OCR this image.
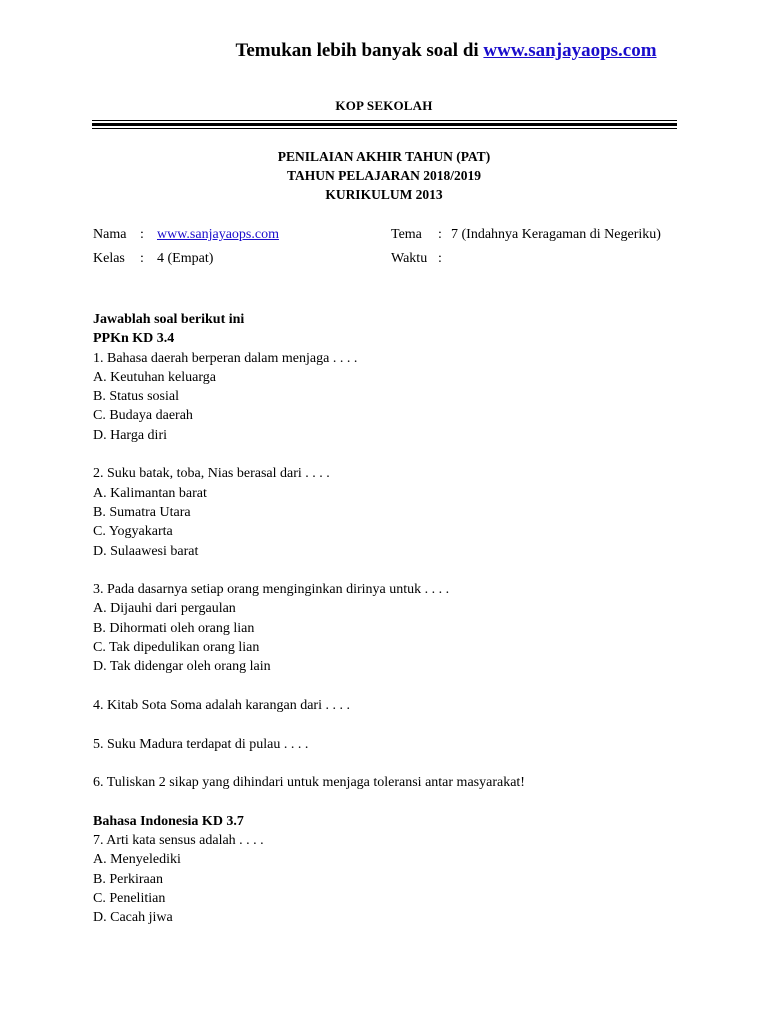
Temukan lebih banyak soal di www.sanjayaops.com
KOP SEKOLAH
PENILAIAN AKHIR TAHUN (PAT)
TAHUN PELAJARAN 2018/2019
KURIKULUM 2013
Nama : www.sanjayaops.com	Tema : 7 (Indahnya Keragaman di Negeriku)
Kelas : 4 (Empat)	Waktu :
Jawablah soal berikut ini
PPKn KD 3.4
1. Bahasa daerah berperan dalam menjaga . . . .
A. Keutuhan keluarga
B. Status sosial
C. Budaya daerah
D. Harga diri
2. Suku batak, toba, Nias berasal dari . . . .
A. Kalimantan barat
B. Sumatra Utara
C. Yogyakarta
D. Sulaawesi barat
3. Pada dasarnya setiap orang menginginkan dirinya untuk . . . .
A. Dijauhi dari pergaulan
B. Dihormati oleh orang lian
C. Tak dipedulikan orang lian
D. Tak didengar oleh orang lain
4. Kitab Sota Soma adalah karangan dari . . . .
5. Suku Madura terdapat di pulau . . . .
6. Tuliskan 2 sikap yang dihindari untuk menjaga toleransi antar masyarakat!
Bahasa Indonesia KD 3.7
7. Arti kata sensus adalah . . . .
A. Menyelediki
B. Perkiraan
C. Penelitian
D. Cacah jiwa
